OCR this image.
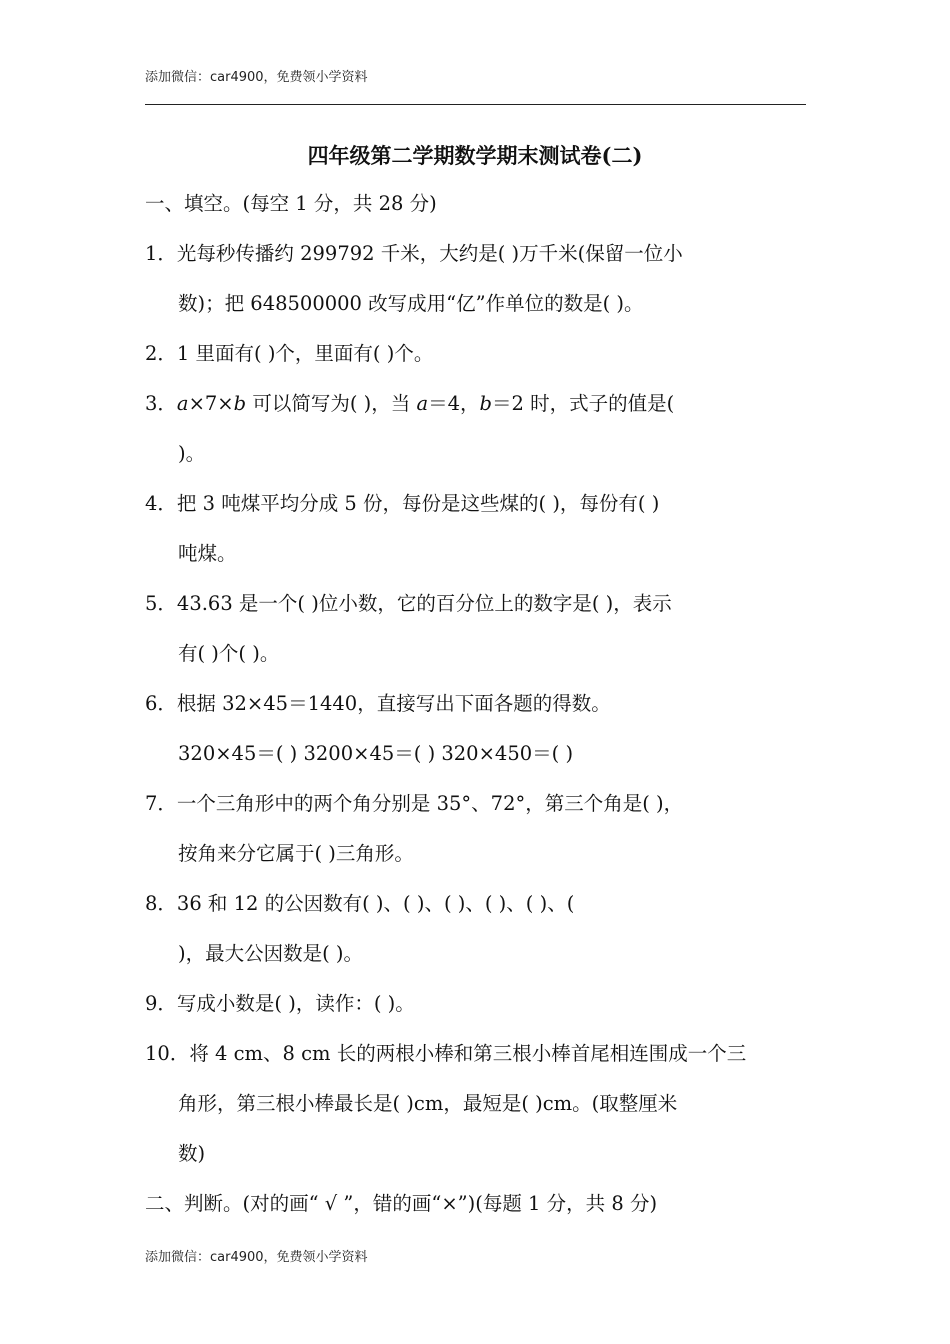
添加微信：car4900，免费领小学资料
四年级第二学期数学期末测试卷(二)
一、填空。(每空 1 分，共 28 分)
1．光每秒传播约 299792 千米，大约是( )万千米(保留一位小
数)；把 648500000 改写成用“亿”作单位的数是( )。
2．1 里面有( )个，里面有( )个。
3．a×7×b 可以简写为( )，当 a＝4，b＝2 时，式子的值是(
)。
4．把 3 吨煤平均分成 5 份，每份是这些煤的( )，每份有( )
吨煤。
5．43.63 是一个( )位小数，它的百分位上的数字是( )，表示
有( )个( )。
6．根据 32×45＝1440，直接写出下面各题的得数。
320×45＝( ) 3200×45＝( ) 320×450＝( )
7．一个三角形中的两个角分别是 35°、72°，第三个角是( )，
按角来分它属于( )三角形。
8．36 和 12 的公因数有( )、( )、( )、( )、( )、(
)，最大公因数是( )。
9．写成小数是( )，读作：( )。
10．将 4 cm、8 cm 长的两根小棒和第三根小棒首尾相连围成一个三
角形，第三根小棒最长是( )cm，最短是( )cm。(取整厘米
数)
二、判断。(对的画“ √ ”，错的画“×”)(每题 1 分，共 8 分)
添加微信：car4900，免费领小学资料
